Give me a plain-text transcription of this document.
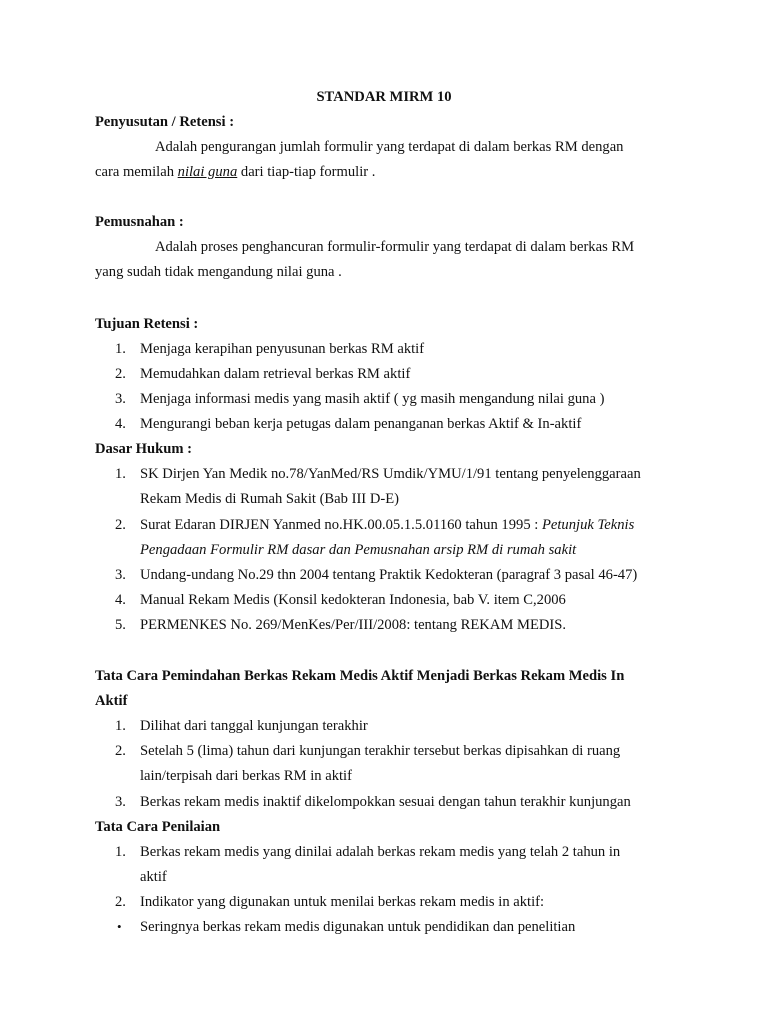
STANDAR MIRM 10
Penyusutan / Retensi :
Adalah pengurangan jumlah formulir yang terdapat di dalam berkas RM dengan
cara memilah nilai guna dari tiap-tiap formulir .
Pemusnahan :
Adalah proses penghancuran formulir-formulir yang terdapat di dalam berkas RM
yang sudah tidak mengandung nilai guna .
Tujuan Retensi :
1. Menjaga kerapihan penyusunan berkas RM aktif
2. Memudahkan dalam retrieval berkas RM aktif
3. Menjaga informasi medis yang masih aktif ( yg masih mengandung nilai guna )
4. Mengurangi beban kerja petugas dalam penanganan berkas Aktif & In-aktif
Dasar Hukum :
1. SK Dirjen Yan Medik no.78/YanMed/RS Umdik/YMU/1/91 tentang penyelenggaraan
Rekam Medis di Rumah Sakit (Bab III D-E)
2. Surat Edaran DIRJEN Yanmed no.HK.00.05.1.5.01160 tahun 1995 : Petunjuk Teknis
Pengadaan Formulir RM dasar dan Pemusnahan arsip RM di rumah sakit
3. Undang-undang No.29 thn 2004 tentang Praktik Kedokteran (paragraf 3 pasal 46-47)
4. Manual Rekam Medis (Konsil kedokteran Indonesia, bab V. item C,2006
5. PERMENKES No. 269/MenKes/Per/III/2008: tentang REKAM MEDIS.
Tata Cara Pemindahan Berkas Rekam Medis Aktif Menjadi Berkas Rekam Medis In
Aktif
1. Dilihat dari tanggal kunjungan terakhir
2. Setelah 5 (lima) tahun dari kunjungan terakhir tersebut berkas dipisahkan di ruang
lain/terpisah dari berkas RM in aktif
3. Berkas rekam medis inaktif dikelompokkan sesuai dengan tahun terakhir kunjungan
Tata Cara Penilaian
1. Berkas rekam medis yang dinilai adalah berkas rekam medis yang telah 2 tahun in
aktif
2. Indikator yang digunakan untuk menilai berkas rekam medis in aktif:
• Seringnya berkas rekam medis digunakan untuk pendidikan dan penelitian
